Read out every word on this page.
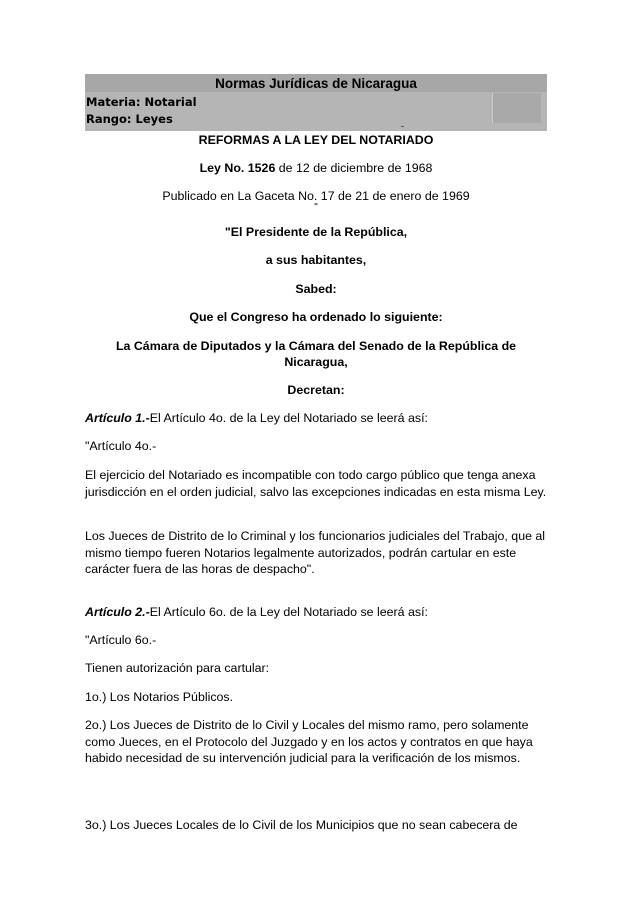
Normas Jurídicas de Nicaragua
Materia: Notarial
Rango: Leyes	-
REFORMAS A LA LEY DEL NOTARIADO
Ley No. 1526 de 12 de diciembre de 1968
Publicado en La Gaceta No. 17 de 21 de enero de 1969
"
"El Presidente de la República,
a sus habitantes,
Sabed:
Que el Congreso ha ordenado lo siguiente:
La Cámara de Diputados y la Cámara del Senado de la República de
Nicaragua,
Decretan:
Artículo 1.-El Artículo 4o. de la Ley del Notariado se leerá así:
"Artículo 4o.-
El ejercicio del Notariado es incompatible con todo cargo público que tenga anexa jurisdicción en el orden judicial, salvo las excepciones indicadas en esta misma Ley.
Los Jueces de Distrito de lo Criminal y los funcionarios judiciales del Trabajo, que al mismo tiempo fueren Notarios legalmente autorizados, podrán cartular en este carácter fuera de las horas de despacho".
Artículo 2.-El Artículo 6o. de la Ley del Notariado se leerá así:
"Artículo 6o.-
Tienen autorización para cartular:
1o.) Los Notarios Públicos.
2o.) Los Jueces de Distrito de lo Civil y Locales del mismo ramo, pero solamente como Jueces, en el Protocolo del Juzgado y en los actos y contratos en que haya habido necesidad de su intervención judicial para la verificación de los mismos.
3o.) Los Jueces Locales de lo Civil de los Municipios que no sean cabecera de
